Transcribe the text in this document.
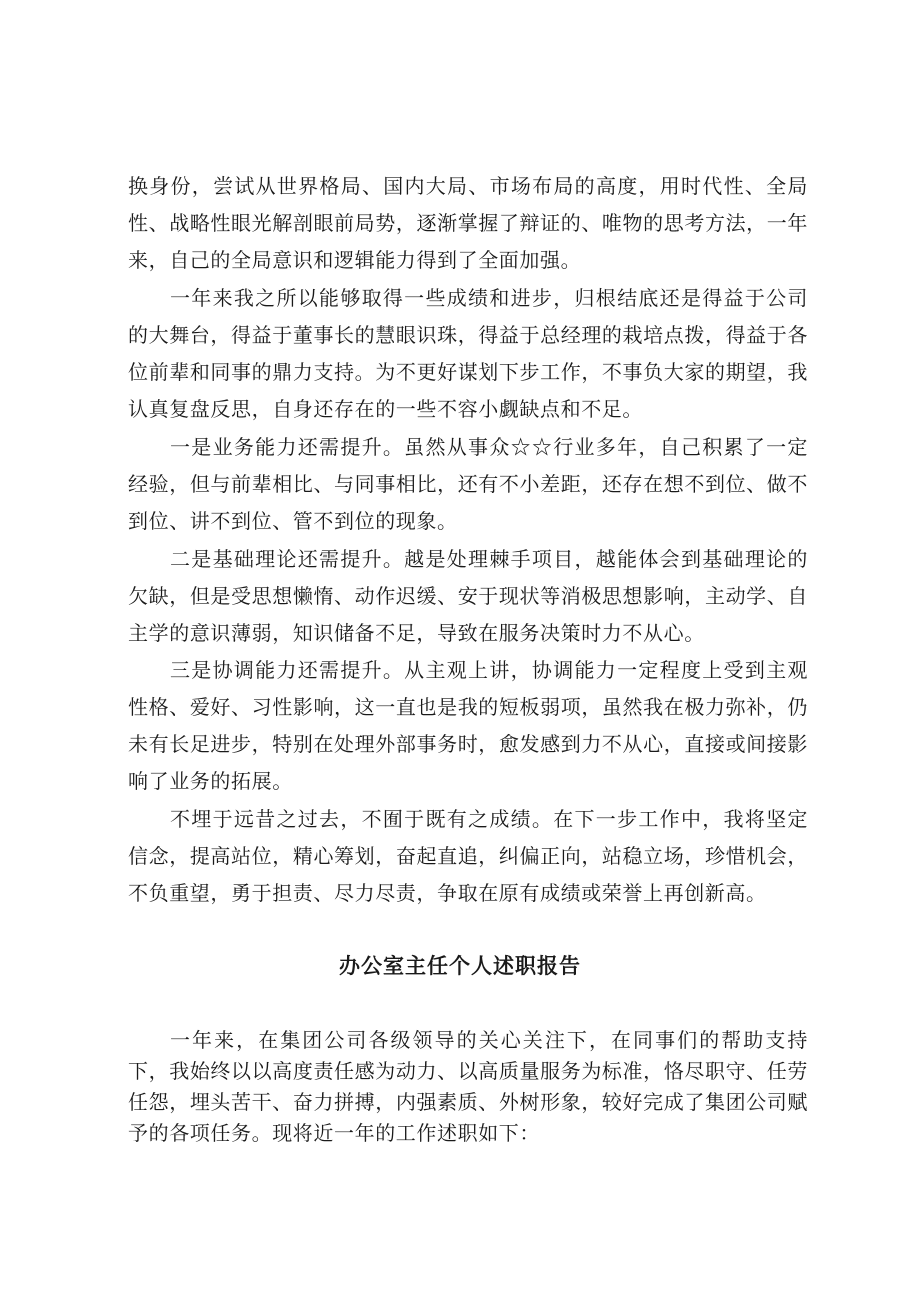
换身份，尝试从世界格局、国内大局、市场布局的高度，用时代性、全局性、战略性眼光解剖眼前局势，逐渐掌握了辩证的、唯物的思考方法，一年来，自己的全局意识和逻辑能力得到了全面加强。

一年来我之所以能够取得一些成绩和进步，归根结底还是得益于公司的大舞台，得益于董事长的慧眼识珠，得益于总经理的栽培点拨，得益于各位前辈和同事的鼎力支持。为不更好谋划下步工作，不事负大家的期望，我认真复盘反思，自身还存在的一些不容小觑缺点和不足。

一是业务能力还需提升。虽然从事众☆☆行业多年，自己积累了一定经验，但与前辈相比、与同事相比，还有不小差距，还存在想不到位、做不到位、讲不到位、管不到位的现象。

二是基础理论还需提升。越是处理棘手项目，越能体会到基础理论的欠缺，但是受思想懒惰、动作迟缓、安于现状等消极思想影响，主动学、自主学的意识薄弱，知识储备不足，导致在服务决策时力不从心。

三是协调能力还需提升。从主观上讲，协调能力一定程度上受到主观性格、爱好、习性影响，这一直也是我的短板弱项，虽然我在极力弥补，仍未有长足进步，特别在处理外部事务时，愈发感到力不从心，直接或间接影响了业务的拓展。

不埋于远昔之过去，不囿于既有之成绩。在下一步工作中，我将坚定信念，提高站位，精心筹划，奋起直追，纠偏正向，站稳立场，珍惜机会，不负重望，勇于担责、尽力尽责，争取在原有成绩或荣誉上再创新高。

办公室主任个人述职报告

一年来，在集团公司各级领导的关心关注下，在同事们的帮助支持下，我始终以以高度责任感为动力、以高质量服务为标准，恪尽职守、任劳任怨，埋头苦干、奋力拼搏，内强素质、外树形象，较好完成了集团公司赋予的各项任务。现将近一年的工作述职如下：
